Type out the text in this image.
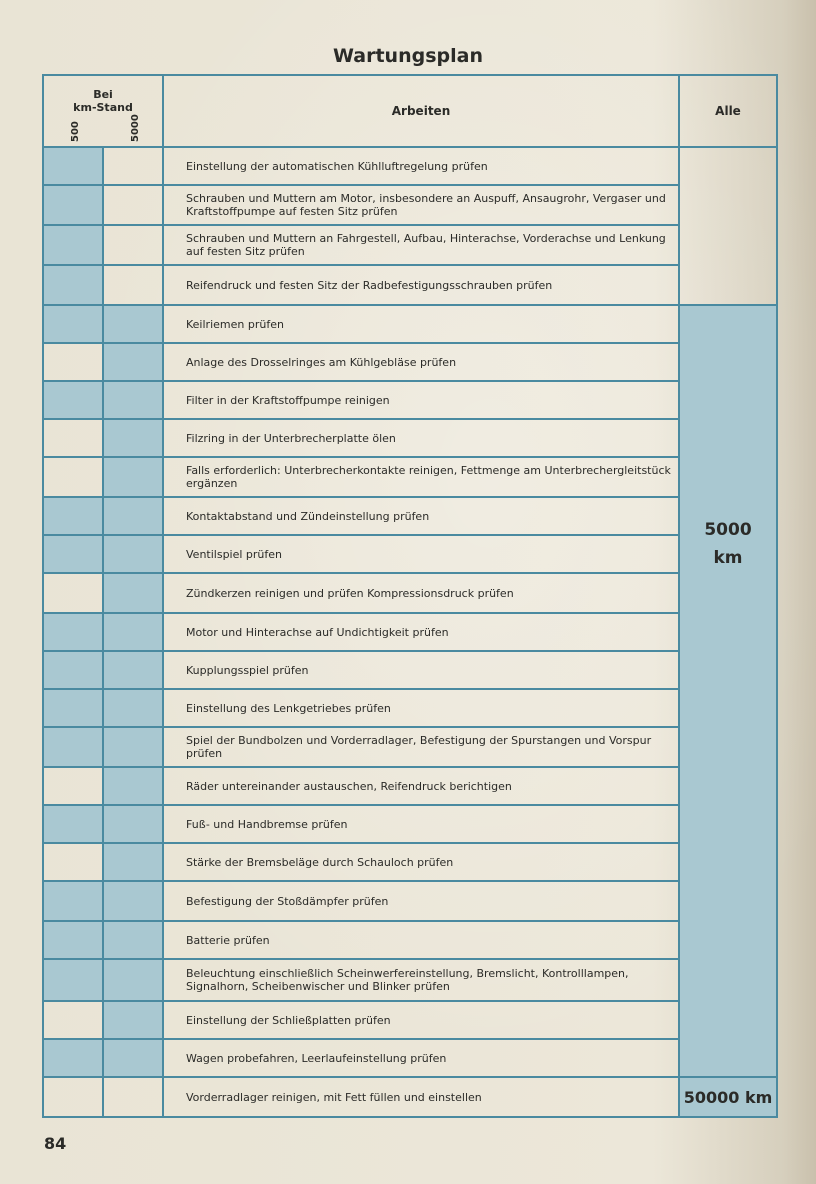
Wartungsplan
Bei
km-Stand
500 5000		Arbeiten	Alle
		Einstellung der automatischen Kühlluftregelung prüfen	
		Schrauben und Muttern am Motor, insbesondere an Auspuff, Ansaugrohr, Vergaser und Kraftstoffpumpe auf festen Sitz prüfen	
		Schrauben und Muttern an Fahrgestell, Aufbau, Hinterachse, Vorderachse und Lenkung auf festen Sitz prüfen	
		Reifendruck und festen Sitz der Radbefestigungsschrauben prüfen	
		Keilriemen prüfen	5000
km

		Anlage des Drosselringes am Kühlgebläse prüfen	
		Filter in der Kraftstoffpumpe reinigen	
		Filzring in der Unterbrecherplatte ölen	
		Falls erforderlich: Unterbrecherkontakte reinigen, Fettmenge am Unterbrechergleitstück ergänzen	
		Kontaktabstand und Zündeinstellung prüfen	
		Ventilspiel prüfen	
		Zündkerzen reinigen und prüfen Kompressionsdruck prüfen	
		Motor und Hinterachse auf Undichtigkeit prüfen	
		Kupplungsspiel prüfen	
		Einstellung des Lenkgetriebes prüfen	
		Spiel der Bundbolzen und Vorderradlager, Befestigung der Spurstangen und Vorspur prüfen	
		Räder untereinander austauschen, Reifendruck berichtigen	
		Fuß- und Handbremse prüfen	
		Stärke der Bremsbeläge durch Schauloch prüfen	
		Befestigung der Stoßdämpfer prüfen	
		Batterie prüfen	
		Beleuchtung einschließlich Scheinwerfereinstellung, Bremslicht, Kontrolllampen, Signalhorn, Scheibenwischer und Blinker prüfen	
		Einstellung der Schließplatten prüfen	
		Wagen probefahren, Leerlaufeinstellung prüfen	
		Vorderradlager reinigen, mit Fett füllen und einstellen	50000 km
84
